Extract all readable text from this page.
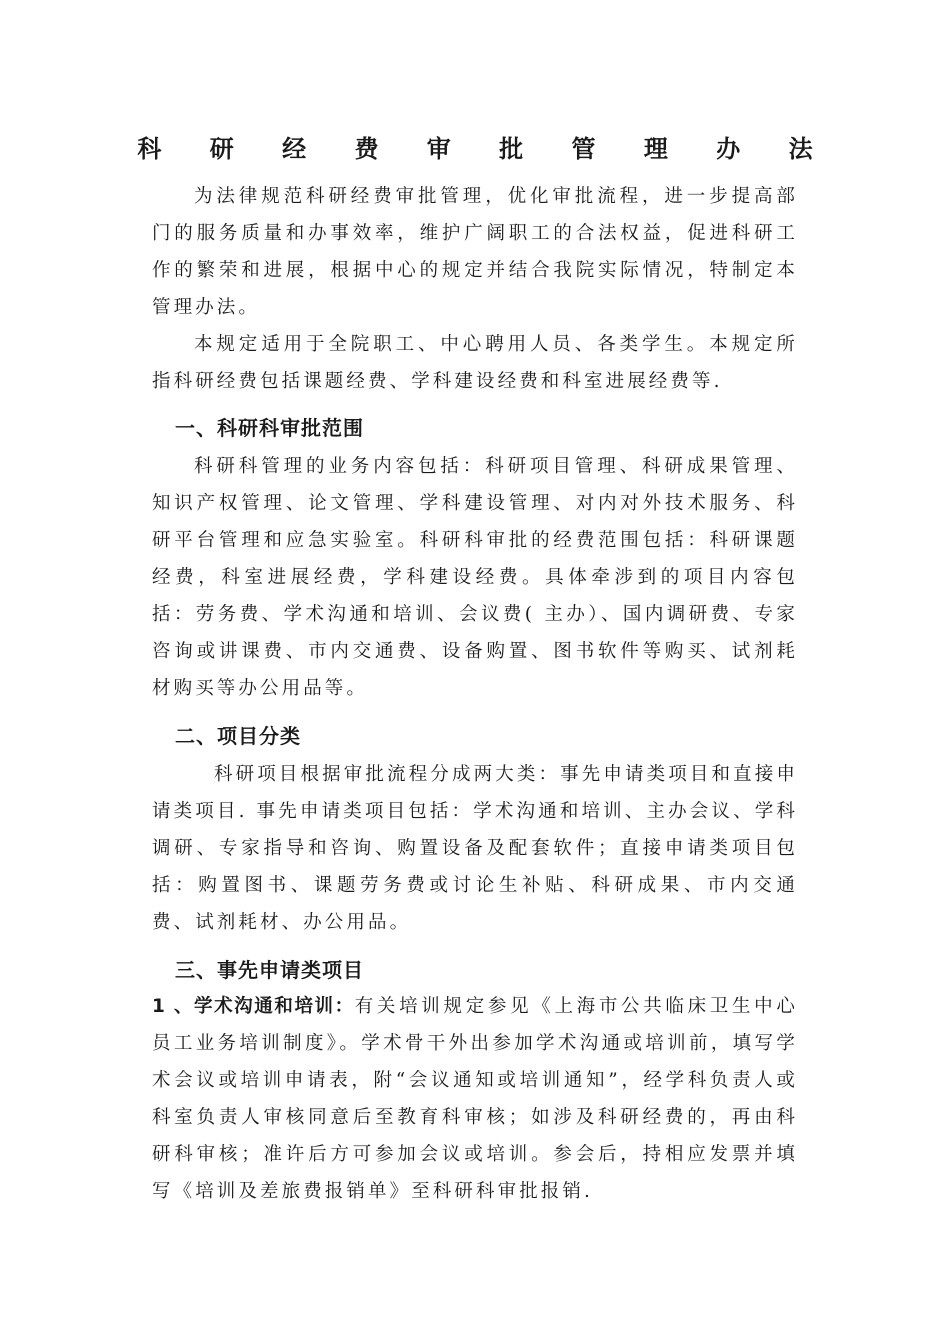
科 研 经 费 审 批 管 理 办 法

为法律规范科研经费审批管理，优化审批流程，进一步提高部门的服务质量和办事效率，维护广阔职工的合法权益，促进科研工作的繁荣和进展，根据中心的规定并结合我院实际情况，特制定本管理办法。

本规定适用于全院职工、中心聘用人员、各类学生。本规定所指科研经费包括课题经费、学科建设经费和科室进展经费等.

一、科研科审批范围

科研科管理的业务内容包括：科研项目管理、科研成果管理、知识产权管理、论文管理、学科建设管理、对内对外技术服务、科研平台管理和应急实验室。科研科审批的经费范围包括：科研课题经费，科室进展经费，学科建设经费。具体牵涉到的项目内容包括：劳务费、学术沟通和培训、会议费( 主办）、国内调研费、专家咨询或讲课费、市内交通费、设备购置、图书软件等购买、试剂耗材购买等办公用品等。

二、项目分类

科研项目根据审批流程分成两大类：事先申请类项目和直接申请类项目. 事先申请类项目包括：学术沟通和培训、主办会议、学科调研、专家指导和咨询、购置设备及配套软件；直接申请类项目包括：购置图书、课题劳务费或讨论生补贴、科研成果、市内交通费、试剂耗材、办公用品。

三、事先申请类项目

1 、学术沟通和培训：有关培训规定参见《上海市公共临床卫生中心员工业务培训制度》。学术骨干外出参加学术沟通或培训前，填写学术会议或培训申请表，附“会议通知或培训通知”，经学科负责人或科室负责人审核同意后至教育科审核；如涉及科研经费的，再由科研科审核；准许后方可参加会议或培训。参会后，持相应发票并填写《培训及差旅费报销单》至科研科审批报销.
